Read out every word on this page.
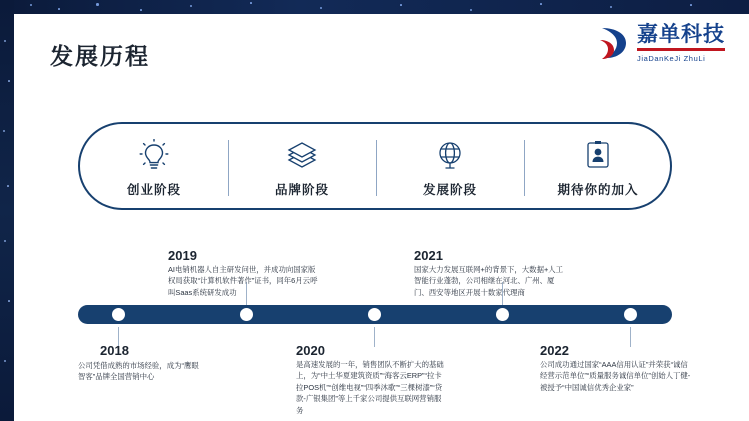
发展历程
嘉单科技
JiaDanKeJi ZhuLi
创业阶段	品牌阶段	发展阶段	期待你的加入
2018
公司凭借成熟的市场经验，成为“鹰眼智客”品牌全国营销中心
2019
AI电销机器人自主研发问世，并成功向国家版权局获取“计算机软件著作”证书，同年6月云呼叫Saas系统研发成功
2020
是高速发展的一年，销售团队不断扩大的基础上，为“中土华夏建筑资质”“海客云ERP”“拉卡拉POS机”“创维电视”“四季沐歌”“三棵树漆”“贷款-广银集团”等上千家公司提供互联网营销服务
2021
国家大力发展互联网+的背景下，大数据+人工智能行业蓬勃，公司相继在河北、广州、厦门、西安等地区开展十数家代理商
2022
公司成功通过国家“AAA信用认证”并荣获“诚信经营示范单位”“质量服务诚信单位”创始人丁健-被授予“中国诚信优秀企业家”
